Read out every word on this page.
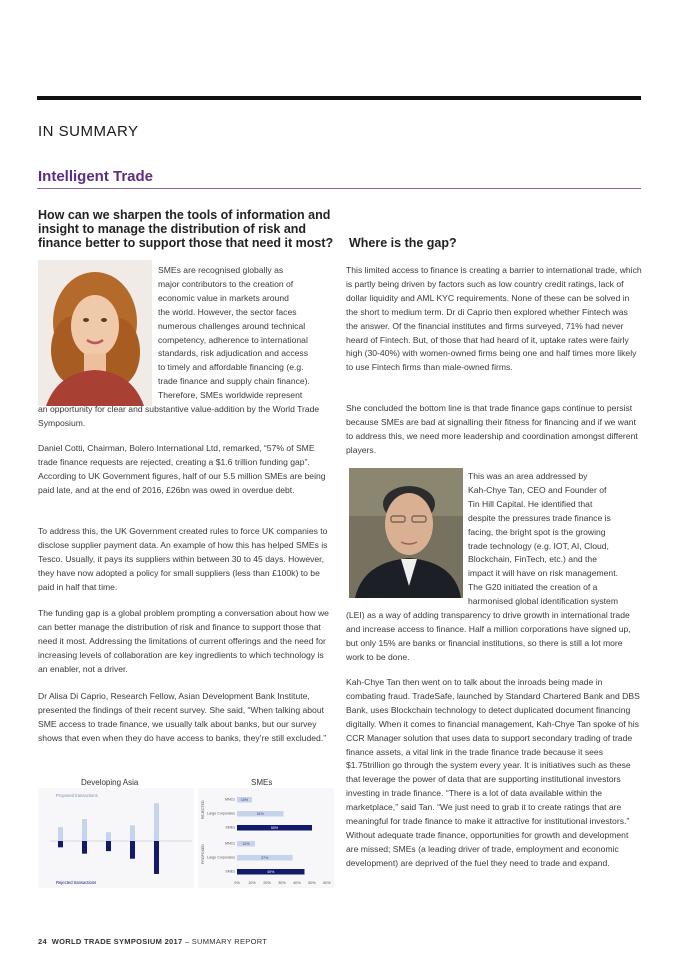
IN SUMMARY
Intelligent Trade
How can we sharpen the tools of information and insight to manage the distribution of risk and finance better to support those that need it most?	Where is the gap?
SMEs are recognised globally as
major contributors to the creation of
economic value in markets around
the world. However, the sector faces
numerous challenges around technical
competency, adherence to international
standards, risk adjudication and access
to timely and affordable financing (e.g.
trade finance and supply chain finance).
Therefore, SMEs worldwide represent
an opportunity for clear and substantive value-addition by the World Trade Symposium.
Daniel Cotti, Chairman, Bolero International Ltd, remarked, “57% of SME trade finance requests are rejected, creating a $1.6 trillion funding gap”. According to UK Government figures, half of our 5.5 million SMEs are being paid late, and at the end of 2016, £26bn was owed in overdue debt.
To address this, the UK Government created rules to force UK companies to disclose supplier payment data. An example of how this has helped SMEs is Tesco. Usually, it pays its suppliers within between 30 to 45 days. However, they have now adopted a policy for small suppliers (less than £100k) to be paid in half that time.
The funding gap is a global problem prompting a conversation about how we can better manage the distribution of risk and finance to support those that need it most. Addressing the limitations of current offerings and the need for increasing levels of collaboration are key ingredients to which technology is an enabler, not a driver.
Dr Alisa Di Caprio, Research Fellow, Asian Development Bank Institute, presented the findings of their recent survey. She said, “When talking about SME access to trade finance, we usually talk about banks, but our survey shows that even when they do have access to banks, they’re still excluded.”
Developing Asia	SMEs
Proposed transactions
Rejected transactions
REJECTED
PROPOSED
MNCs 10%
Large Corporates	31%
SMEs	50%
MNCs 12%
Large Corporates	37%
SMEs	45%
0% 10% 20% 30% 40% 50% 60%
This limited access to finance is creating a barrier to international trade, which is partly being driven by factors such as low country credit ratings, lack of dollar liquidity and AML KYC requirements. None of these can be solved in the short to medium term. Dr di Caprio then explored whether Fintech was the answer. Of the financial institutes and firms surveyed, 71% had never heard of Fintech. But, of those that had heard of it, uptake rates were fairly high (30-40%) with women-owned firms being one and half times more likely to use Fintech firms than male-owned firms.
She concluded the bottom line is that trade finance gaps continue to persist because SMEs are bad at signalling their fitness for financing and if we want to address this, we need more leadership and coordination amongst different players.
This was an area addressed by
Kah-Chye Tan, CEO and Founder of
Tin Hill Capital. He identified that
despite the pressures trade finance is
facing, the bright spot is the growing
trade technology (e.g. IOT, AI, Cloud,
Blockchain, FinTech, etc.) and the
impact it will have on risk management.
The G20 initiated the creation of a
harmonised global identification system
(LEI) as a way of adding transparency to drive growth in international trade and increase access to finance. Half a million corporations have signed up, but only 15% are banks or financial institutions, so there is still a lot more work to be done.
Kah-Chye Tan then went on to talk about the inroads being made in combating fraud. TradeSafe, launched by Standard Chartered Bank and DBS Bank, uses Blockchain technology to detect duplicated document financing digitally. When it comes to financial management, Kah-Chye Tan spoke of his CCR Manager solution that uses data to support secondary trading of trade finance assets, a vital link in the trade finance trade because it sees $1.75trillion go through the system every year. It is initiatives such as these that leverage the power of data that are supporting institutional investors investing in trade finance. “There is a lot of data available within the marketplace,” said Tan. “We just need to grab it to create ratings that are meaningful for trade finance to make it attractive for institutional investors.” Without adequate trade finance, opportunities for growth and development are missed; SMEs (a leading driver of trade, employment and economic development) are deprived of the fuel they need to trade and expand.
24 WORLD TRADE SYMPOSIUM 2017 – SUMMARY REPORT
